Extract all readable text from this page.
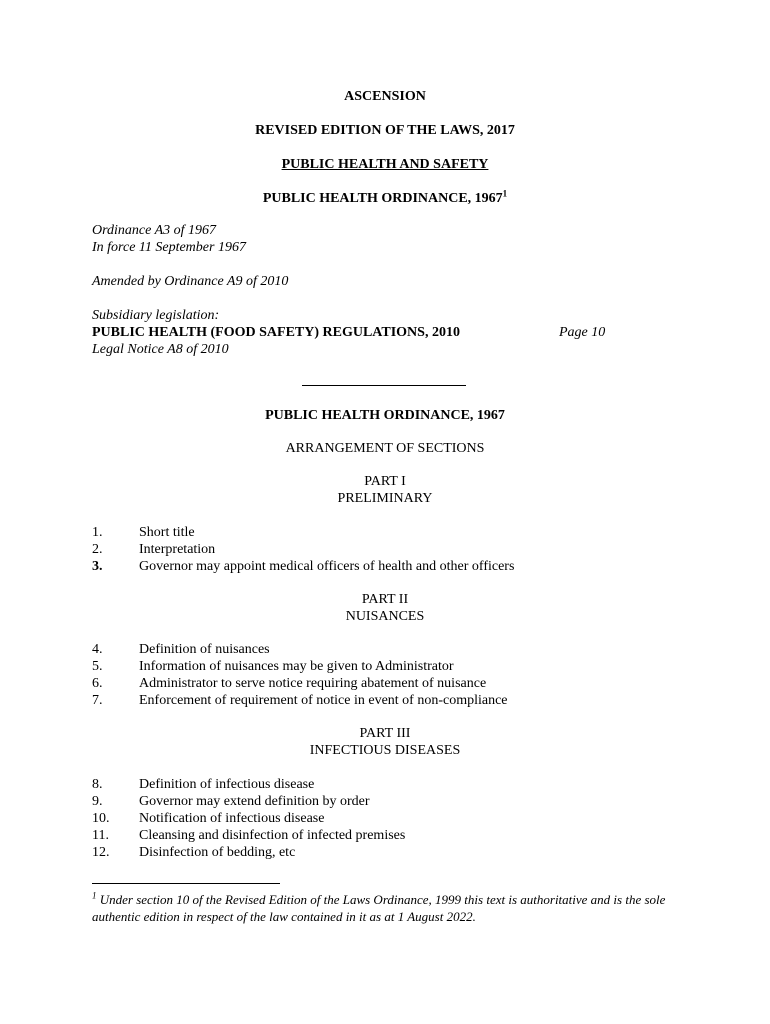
ASCENSION
REVISED EDITION OF THE LAWS, 2017
PUBLIC HEALTH AND SAFETY
PUBLIC HEALTH ORDINANCE, 1967$^1$
Ordinance A3 of 1967
In force 11 September 1967
Amended by Ordinance A9 of 2010
Subsidiary legislation:
PUBLIC HEALTH (FOOD SAFETY) REGULATIONS, 2010	Page 10
Legal Notice A8 of 2010
PUBLIC HEALTH ORDINANCE, 1967
ARRANGEMENT OF SECTIONS
PART I
PRELIMINARY
1.	Short title
2.	Interpretation
3.	Governor may appoint medical officers of health and other officers
PART II
NUISANCES
4.	Definition of nuisances
5.	Information of nuisances may be given to Administrator
6.	Administrator to serve notice requiring abatement of nuisance
7.	Enforcement of requirement of notice in event of non-compliance
PART III
INFECTIOUS DISEASES
8.	Definition of infectious disease
9.	Governor may extend definition by order
10.	Notification of infectious disease
11.	Cleansing and disinfection of infected premises
12.	Disinfection of bedding, etc
$^1$ Under section 10 of the Revised Edition of the Laws Ordinance, 1999 this text is authoritative and is the sole authentic edition in respect of the law contained in it as at 1 August 2022.
